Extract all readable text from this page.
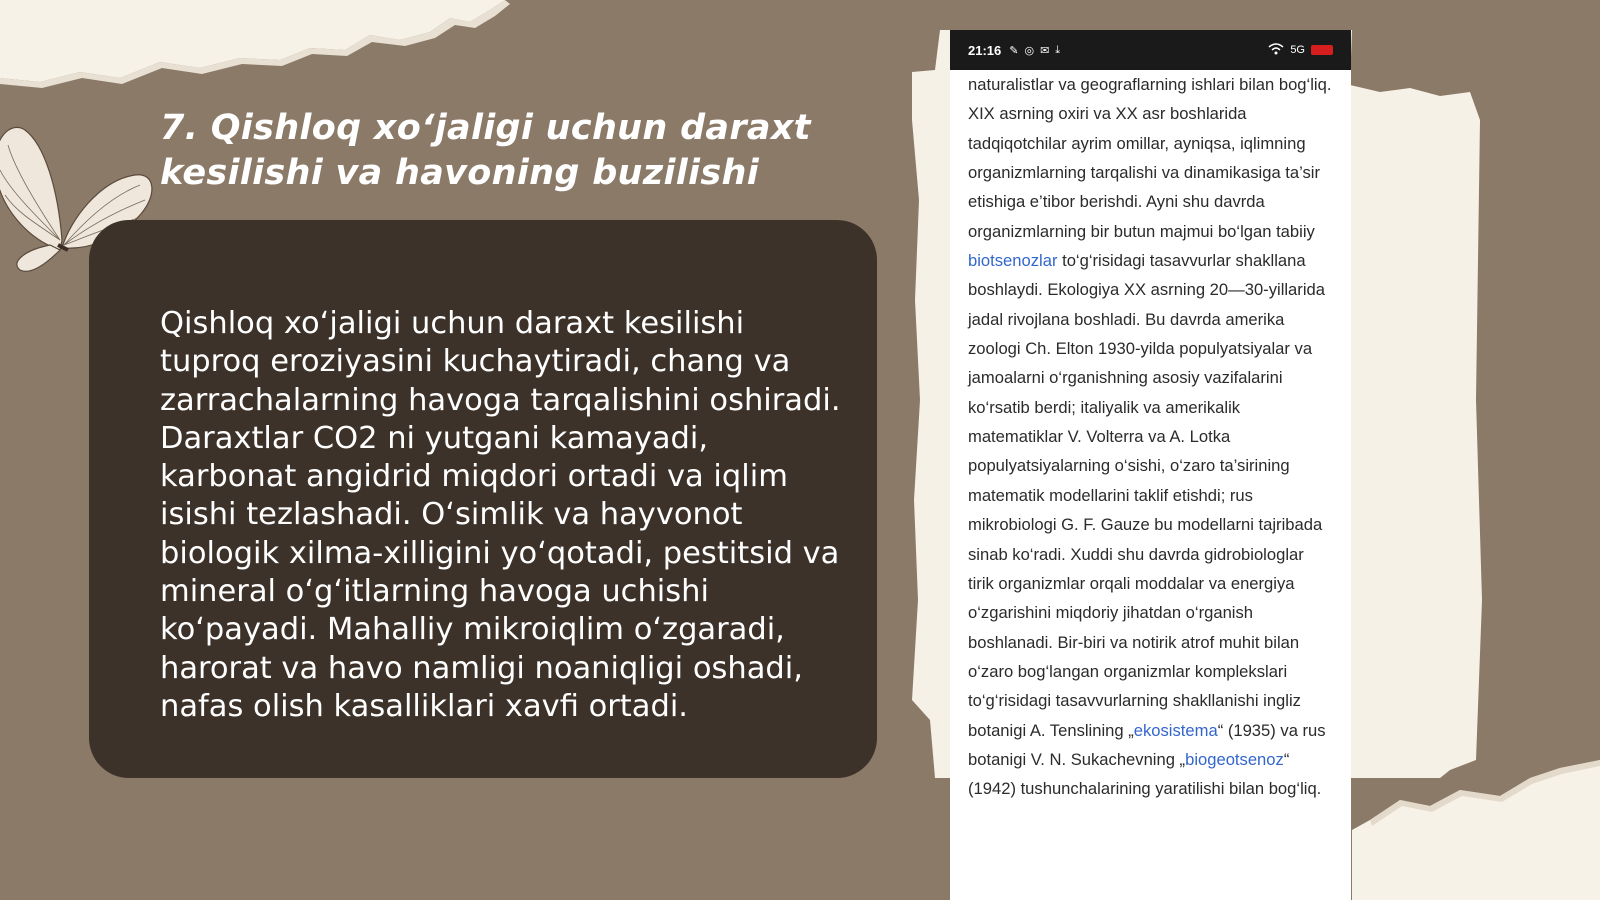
7. Qishloq xo‘jaligi uchun daraxt kesilishi va havoning buzilishi

Qishloq xo‘jaligi uchun daraxt kesilishi tuproq eroziyasini kuchaytiradi, chang va zarrachalarning havoga tarqalishini oshiradi. Daraxtlar CO2 ni yutgani kamayadi, karbonat angidrid miqdori ortadi va iqlim isishi tezlashadi. O‘simlik va hayvonot biologik xilma-xilligini yo‘qotadi, pestitsid va mineral o‘g‘itlarning havoga uchishi ko‘payadi. Mahalliy mikroiqlim o‘zgaradi, harorat va havo namligi noaniqligi oshadi, nafas olish kasalliklari xavfi ortadi.

21:16 ✎ ◎ ✉ ⤓	5G

naturalistlar va geograflarning ishlari bilan bog‘liq. XIX asrning oxiri va XX asr boshlarida tadqiqotchilar ayrim omillar, ayniqsa, iqlimning organizmlarning tarqalishi va dinamikasiga ta’sir etishiga e’tibor berishdi. Ayni shu davrda organizmlarning bir butun majmui bo‘lgan tabiiy biotsenozlar to‘g‘risidagi tasavvurlar shakllana boshlaydi. Ekologiya XX asrning 20—30-yillarida jadal rivojlana boshladi. Bu davrda amerika zoologi Ch. Elton 1930-yilda populyatsiyalar va jamoalarni o‘rganishning asosiy vazifalarini ko‘rsatib berdi; italiyalik va amerikalik matematiklar V. Volterra va A. Lotka populyatsiyalarning o‘sishi, o‘zaro ta’sirining matematik modellarini taklif etishdi; rus mikrobiologi G. F. Gauze bu modellarni tajribada sinab ko‘radi. Xuddi shu davrda gidrobiologlar tirik organizmlar orqali moddalar va energiya o‘zgarishini miqdoriy jihatdan o‘rganish boshlanadi. Bir-biri va notirik atrof muhit bilan o‘zaro bog‘langan organizmlar komplekslari to‘g‘risidagi tasavvurlarning shakllanishi ingliz botanigi A. Tenslining „ekosistema“ (1935) va rus botanigi V. N. Sukachevning „biogeotsenoz“ (1942) tushunchalarining yaratilishi bilan bog‘liq.
